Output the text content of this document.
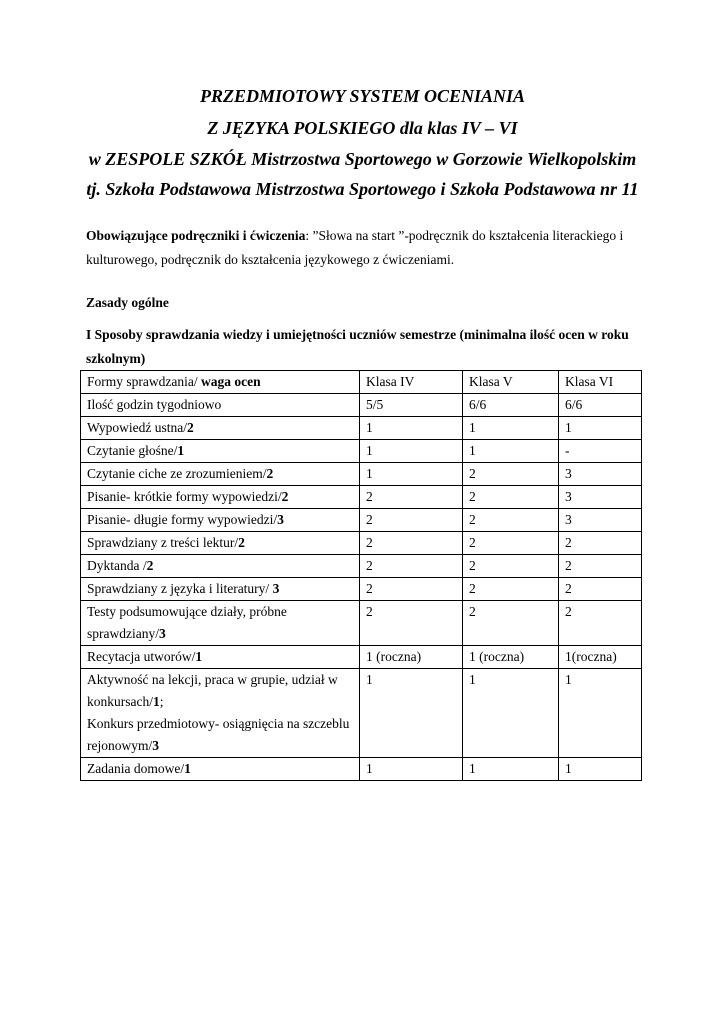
PRZEDMIOTOWY SYSTEM OCENIANIA
Z JĘZYKA POLSKIEGO dla klas IV – VI
w ZESPOLE SZKÓŁ Mistrzostwa Sportowego w Gorzowie Wielkopolskim
tj. Szkoła Podstawowa Mistrzostwa Sportowego i Szkoła Podstawowa nr 11
Obowiązujące podręczniki i ćwiczenia: ”Słowa na start ”-podręcznik do kształcenia literackiego i kulturowego, podręcznik do kształcenia językowego z ćwiczeniami.
Zasady ogólne
I Sposoby sprawdzania wiedzy i umiejętności uczniów semestrze (minimalna ilość ocen w roku szkolnym)
Formy sprawdzania/ waga ocen	Klasa IV	Klasa V	Klasa VI
Ilość godzin tygodniowo	5/5	6/6	6/6
Wypowiedź ustna/2	1	1	1
Czytanie głośne/1	1	1	-
Czytanie ciche ze zrozumieniem/2	1	2	3
Pisanie- krótkie formy wypowiedzi/2	2	2	3
Pisanie- długie formy wypowiedzi/3	2	2	3
Sprawdziany z treści lektur/2	2	2	2
Dyktanda /2	2	2	2
Sprawdziany z języka i literatury/ 3	2	2	2
Testy podsumowujące działy, próbne sprawdziany/3	2	2	2
Recytacja utworów/1	1 (roczna)	1 (roczna)	1(roczna)
Aktywność na lekcji, praca w grupie, udział w konkursach/1;
Konkurs przedmiotowy- osiągnięcia na szczeblu rejonowym/3	1	1	1
Zadania domowe/1	1	1	1
